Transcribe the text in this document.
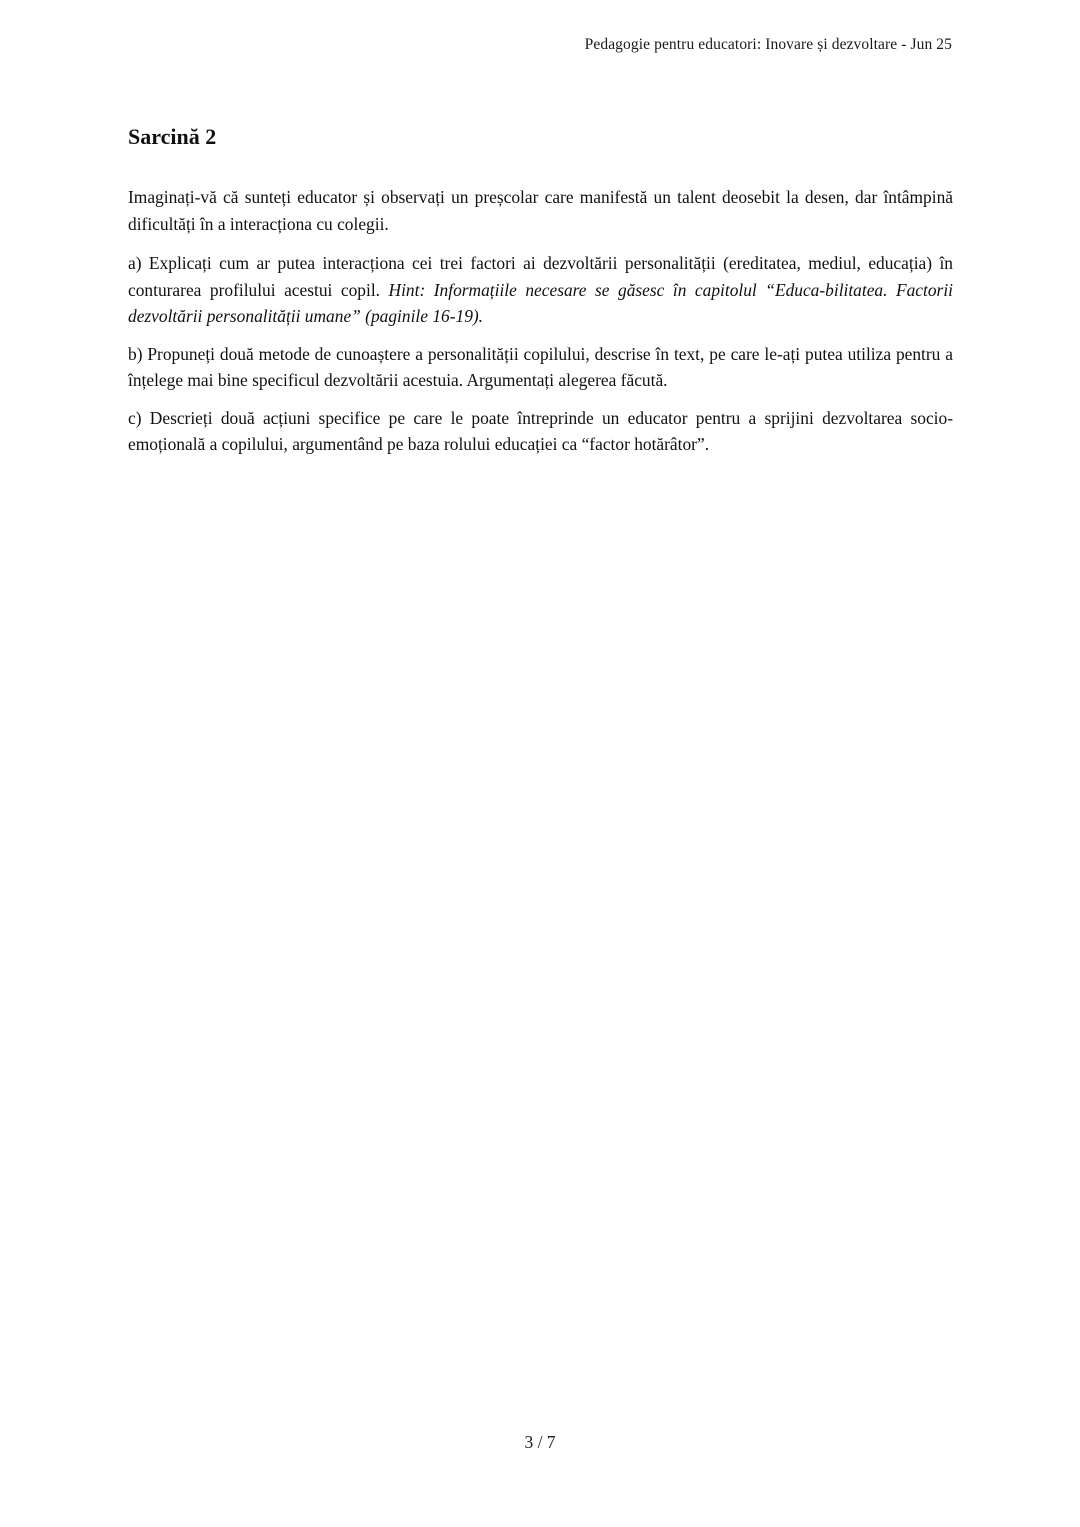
Pedagogie pentru educatori: Inovare și dezvoltare - Jun 25
Sarcină 2

Imaginați-vă că sunteți educator și observați un preșcolar care manifestă un talent deosebit la desen, dar întâmpină dificultăți în a interacționa cu colegii.

a) Explicați cum ar putea interacționa cei trei factori ai dezvoltării personalității (ereditatea, mediul, educația) în conturarea profilului acestui copil. Hint: Informațiile necesare se găsesc în capitolul “Educa-bilitatea. Factorii dezvoltării personalității umane” (paginile 16-19).

b) Propuneți două metode de cunoaștere a personalității copilului, descrise în text, pe care le-ați putea utiliza pentru a înțelege mai bine specificul dezvoltării acestuia. Argumentați alegerea făcută.

c) Descrieți două acțiuni specifice pe care le poate întreprinde un educator pentru a sprijini dezvoltarea socio-emoțională a copilului, argumentând pe baza rolului educației ca “factor hotărâtor”.

3 / 7
